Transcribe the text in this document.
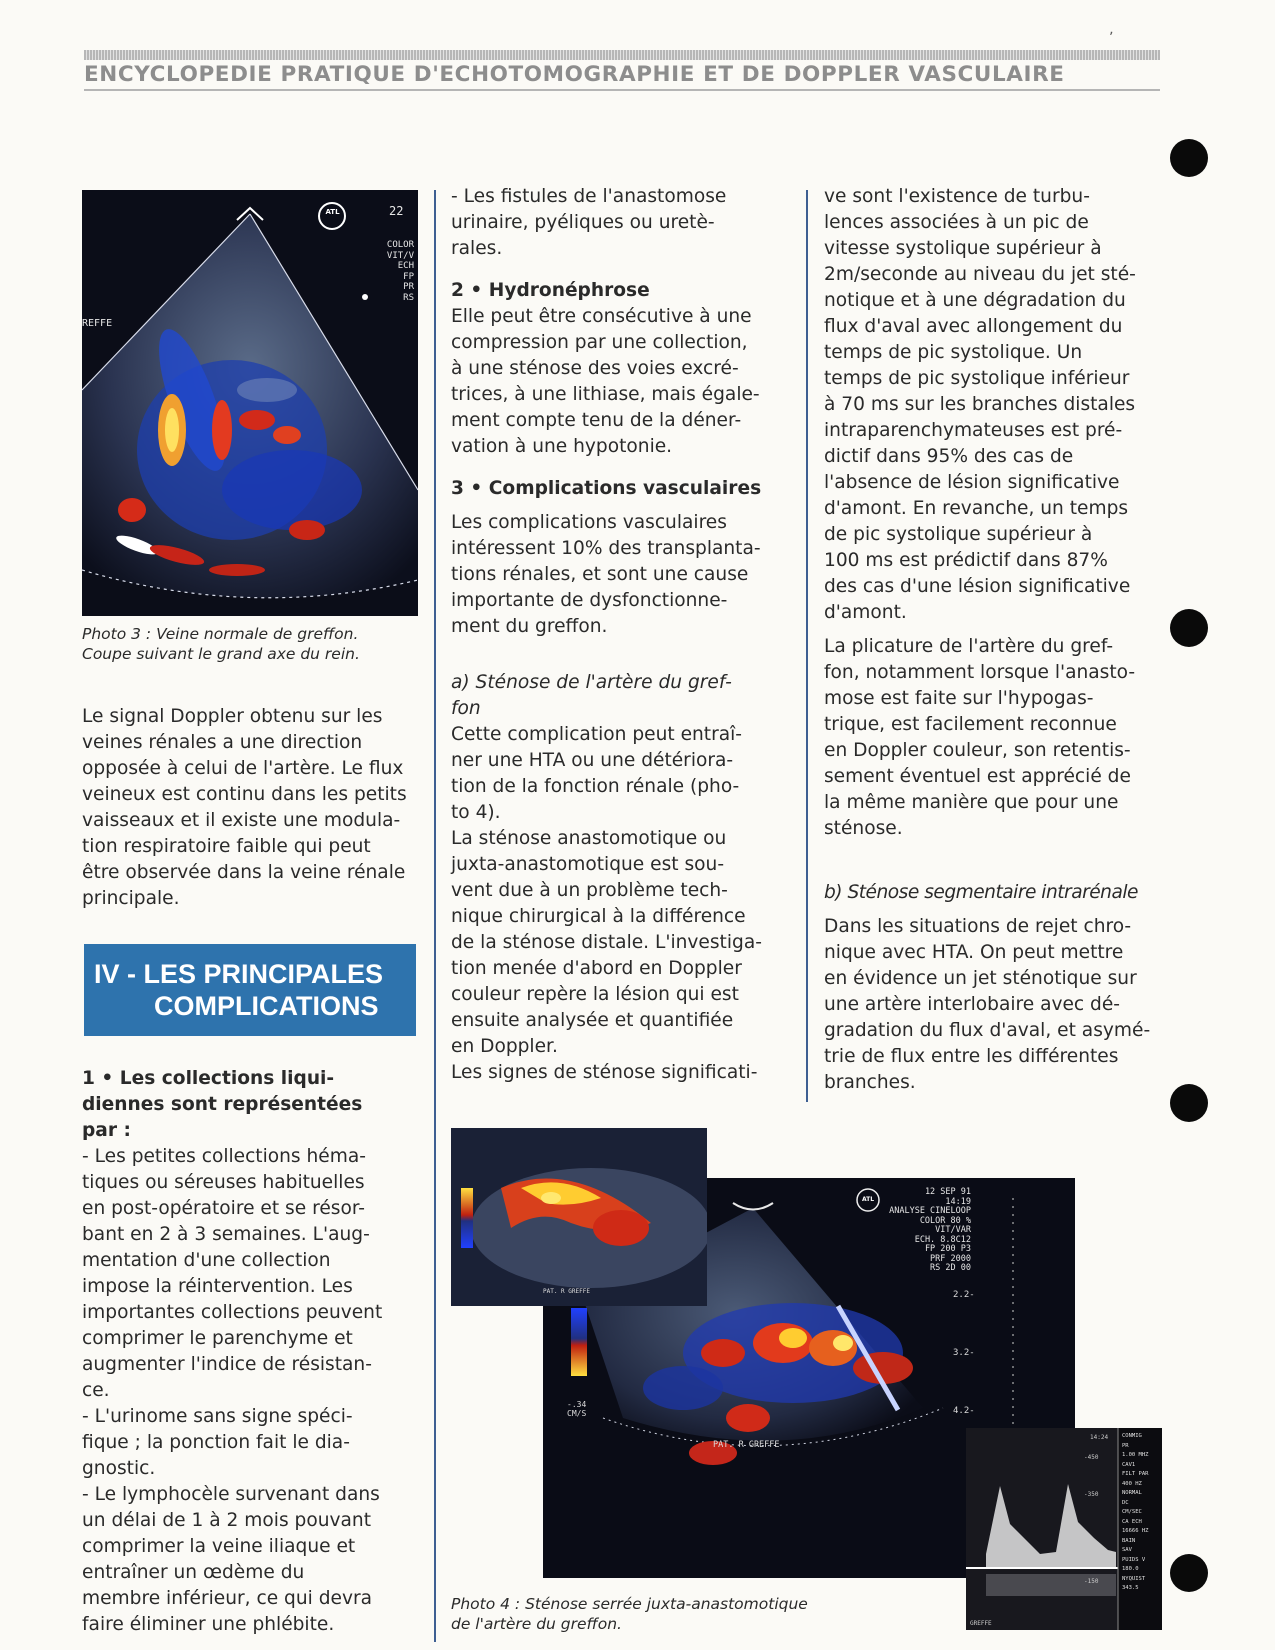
ENCYCLOPEDIE PRATIQUE D'ECHOTOMOGRAPHIE ET DE DOPPLER VASCULAIRE
ʼ
ATL	22
COLOR
VIT/V
ECH
FP
PR
RS
REFFE
Photo 3 : Veine normale de greffon.
Coupe suivant le grand axe du rein.

Le signal Doppler obtenu sur les

veines rénales a une direction

opposée à celui de l'artère. Le flux

veineux est continu dans les petits

vaisseaux et il existe une modula-

tion respiratoire faible qui peut

être observée dans la veine rénale

principale.

IV - LES PRINCIPALES
COMPLICATIONS

1 • Les collections liqui-

diennes sont représentées

par :

- Les petites collections héma-

tiques ou séreuses habituelles

en post-opératoire et se résor-

bant en 2 à 3 semaines. L'aug-

mentation d'une collection

impose la réintervention. Les

importantes collections peuvent

comprimer le parenchyme et

augmenter l'indice de résistan-

ce.

- L'urinome sans signe spéci-

fique ; la ponction fait le dia-

gnostic.

- Le lymphocèle survenant dans

un délai de 1 à 2 mois pouvant

comprimer la veine iliaque et

entraîner un œdème du

membre inférieur, ce qui devra

faire éliminer une phlébite.

- Les fistules de l'anastomose

urinaire, pyéliques ou uretè-

rales.

2 • Hydronéphrose

Elle peut être consécutive à une

compression par une collection,

à une sténose des voies excré-

trices, à une lithiase, mais égale-

ment compte tenu de la déner-

vation à une hypotonie.

3 • Complications vasculaires

Les complications vasculaires

intéressent 10% des transplanta-

tions rénales, et sont une cause

importante de dysfonctionne-

ment du greffon.

a) Sténose de l'artère du gref-

fon

Cette complication peut entraî-

ner une HTA ou une détériora-

tion de la fonction rénale (pho-

to 4).

La sténose anastomotique ou

juxta-anastomotique est sou-

vent due à un problème tech-

nique chirurgical à la différence

de la sténose distale. L'investiga-

tion menée d'abord en Doppler

couleur repère la lésion qui est

ensuite analysée et quantifiée

en Doppler.

Les signes de sténose significati-

ve sont l'existence de turbu-

lences associées à un pic de

vitesse systolique supérieur à

2m/seconde au niveau du jet sté-

notique et à une dégradation du

flux d'aval avec allongement du

temps de pic systolique. Un

temps de pic systolique inférieur

à 70 ms sur les branches distales

intraparenchymateuses est pré-

dictif dans 95% des cas de

l'absence de lésion significative

d'amont. En revanche, un temps

de pic systolique supérieur à

100 ms est prédictif dans 87%

des cas d'une lésion significative

d'amont.

La plicature de l'artère du gref-

fon, notamment lorsque l'anasto-

mose est faite sur l'hypogas-

trique, est facilement reconnue

en Doppler couleur, son retentis-

sement éventuel est apprécié de

la même manière que pour une

sténose.

b) Sténose segmentaire intrarénale

Dans les situations de rejet chro-

nique avec HTA. On peut mettre

en évidence un jet sténotique sur

une artère interlobaire avec dé-

gradation du flux d'aval, et asymé-

trie de flux entre les différentes

branches.

ATL
12 SEP 91
14:19
ANALYSE CINELOOP
COLOR 80 %
VIT/VAR
ECH. 8.8C12
FP 200 P3
PRF 2000
RS 2D 00
2.2-
3.2-
4.2-
-.34
CM/S
PAT. R GREFFE
PAT. R GREFFE
-450
-350
-150
14:24
GREFFE
CONMIG
PR
1.00 MHZ
CAV1
FILT PAR
400 HZ
NORMAL
DC
CM/SEC
CA ECH
16666 HZ
BAIN
SAV
PUIDS V
180.0
NYQUIST
343.5
Photo 4 : Sténose serrée juxta-anastomotique
de l'artère du greffon.
